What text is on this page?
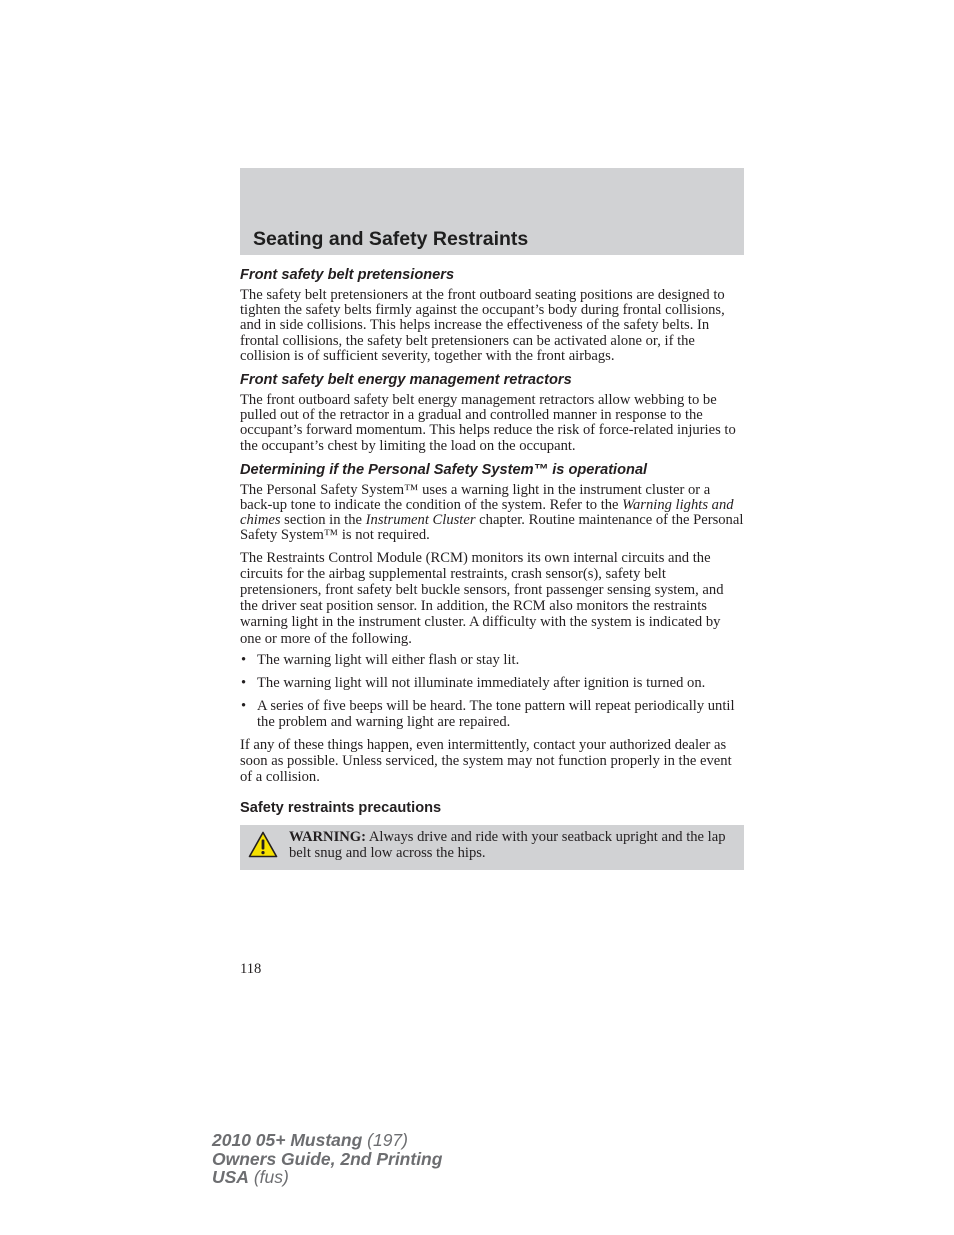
Seating and Safety Restraints
Front safety belt pretensioners

The safety belt pretensioners at the front outboard seating positions are designed to tighten the safety belts firmly against the occupant’s body during frontal collisions, and in side collisions. This helps increase the effectiveness of the safety belts. In frontal collisions, the safety belt pretensioners can be activated alone or, if the collision is of sufficient severity, together with the front airbags.

Front safety belt energy management retractors

The front outboard safety belt energy management retractors allow webbing to be pulled out of the retractor in a gradual and controlled manner in response to the occupant’s forward momentum. This helps reduce the risk of force-related injuries to the occupant’s chest by limiting the load on the occupant.

Determining if the Personal Safety System™ is operational

The Personal Safety System™ uses a warning light in the instrument cluster or a back-up tone to indicate the condition of the system. Refer to the Warning lights and chimes section in the Instrument Cluster chapter. Routine maintenance of the Personal Safety System™ is not required.

The Restraints Control Module (RCM) monitors its own internal circuits and the circuits for the airbag supplemental restraints, crash sensor(s), safety belt pretensioners, front safety belt buckle sensors, front passenger sensing system, and the driver seat position sensor. In addition, the RCM also monitors the restraints warning light in the instrument cluster. A difficulty with the system is indicated by one or more of the following.

• The warning light will either flash or stay lit.
• The warning light will not illuminate immediately after ignition is turned on.
• A series of five beeps will be heard. The tone pattern will repeat periodically until the problem and warning light are repaired.

If any of these things happen, even intermittently, contact your authorized dealer as soon as possible. Unless serviced, the system may not function properly in the event of a collision.

Safety restraints precautions
WARNING: Always drive and ride with your seatback upright and the lap belt snug and low across the hips.
118
2010 05+ Mustang (197)
Owners Guide, 2nd Printing
USA (fus)
